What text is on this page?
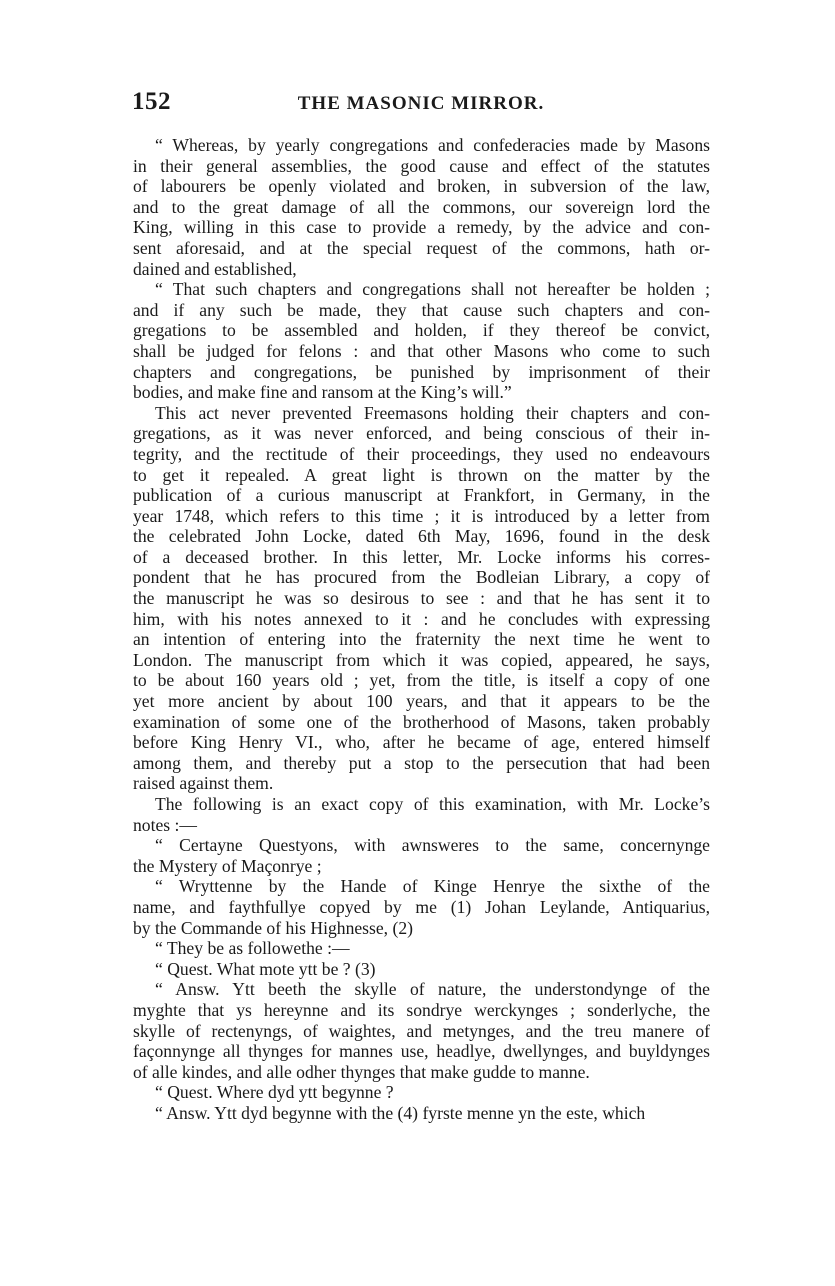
152	THE MASONIC MIRROR.
“ Whereas, by yearly congregations and confederacies made by Masons
in their general assemblies, the good cause and effect of the statutes
of labourers be openly violated and broken, in subversion of the law,
and to the great damage of all the commons, our sovereign lord the
King, willing in this case to provide a remedy, by the advice and con-
sent aforesaid, and at the special request of the commons, hath or-
dained and established,
“ That such chapters and congregations shall not hereafter be holden ;
and if any such be made, they that cause such chapters and con-
gregations to be assembled and holden, if they thereof be convict,
shall be judged for felons : and that other Masons who come to such
chapters and congregations, be punished by imprisonment of their
bodies, and make fine and ransom at the King’s will.”
This act never prevented Freemasons holding their chapters and con-
gregations, as it was never enforced, and being conscious of their in-
tegrity, and the rectitude of their proceedings, they used no endeavours
to get it repealed. A great light is thrown on the matter by the
publication of a curious manuscript at Frankfort, in Germany, in the
year 1748, which refers to this time ; it is introduced by a letter from
the celebrated John Locke, dated 6th May, 1696, found in the desk
of a deceased brother. In this letter, Mr. Locke informs his corres-
pondent that he has procured from the Bodleian Library, a copy of
the manuscript he was so desirous to see : and that he has sent it to
him, with his notes annexed to it : and he concludes with expressing
an intention of entering into the fraternity the next time he went to
London. The manuscript from which it was copied, appeared, he says,
to be about 160 years old ; yet, from the title, is itself a copy of one
yet more ancient by about 100 years, and that it appears to be the
examination of some one of the brotherhood of Masons, taken probably
before King Henry VI., who, after he became of age, entered himself
among them, and thereby put a stop to the persecution that had been
raised against them.
The following is an exact copy of this examination, with Mr. Locke’s
notes :—
“ Certayne Questyons, with awnsweres to the same, concernynge
the Mystery of Maçonrye ;
“ Wryttenne by the Hande of Kinge Henrye the sixthe of the
name, and faythfullye copyed by me (1) Johan Leylande, Antiquarius,
by the Commande of his Highnesse, (2)
“ They be as followethe :—
“ Quest. What mote ytt be ? (3)
“ Answ. Ytt beeth the skylle of nature, the understondynge of the
myghte that ys hereynne and its sondrye werckynges ; sonderlyche, the
skylle of rectenyngs, of waightes, and metynges, and the treu manere of
façonnynge all thynges for mannes use, headlye, dwellynges, and buyldynges
of alle kindes, and alle odher thynges that make gudde to manne.
“ Quest. Where dyd ytt begynne ?
“ Answ. Ytt dyd begynne with the (4) fyrste menne yn the este, which
